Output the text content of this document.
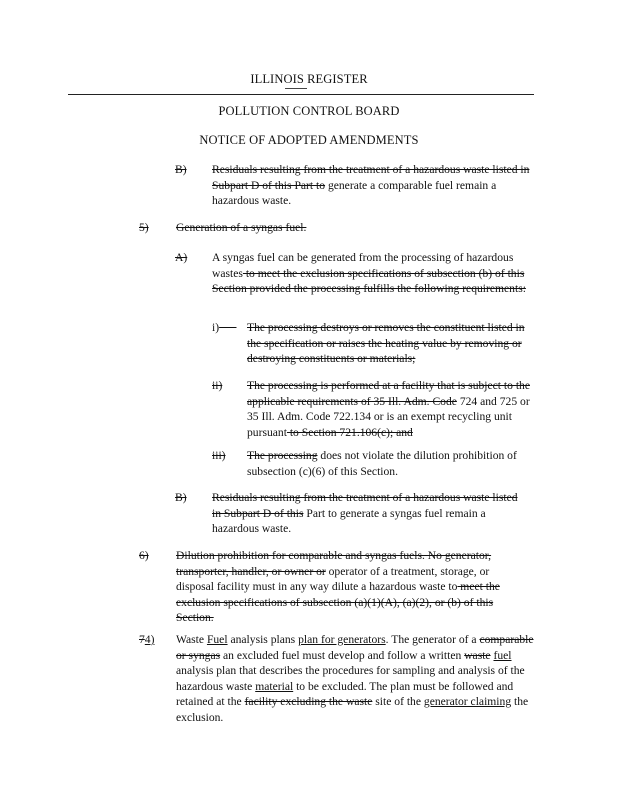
ILLINOIS REGISTER
POLLUTION CONTROL BOARD
NOTICE OF ADOPTED AMENDMENTS
B) Residuals resulting from the treatment of a hazardous waste listed in Subpart D of this Part to generate a comparable fuel remain a hazardous waste.

5) Generation of a syngas fuel.

A) A syngas fuel can be generated from the processing of hazardous wastes to meet the exclusion specifications of subsection (b) of this Section provided the processing fulfills the following requirements:

i)	The processing destroys or removes the constituent listed in the specification or raises the heating value by removing or destroying constituents or materials;

ii) The processing is performed at a facility that is subject to the applicable requirements of 35 Ill. Adm. Code 724 and 725 or 35 Ill. Adm. Code 722.134 or is an exempt recycling unit pursuant to Section 721.106(c); and

iii) The processing does not violate the dilution prohibition of subsection (c)(6) of this Section.

B) Residuals resulting from the treatment of a hazardous waste listed in Subpart D of this Part to generate a syngas fuel remain a hazardous waste.

6) Dilution prohibition for comparable and syngas fuels. No generator, transporter, handler, or owner or operator of a treatment, storage, or disposal facility must in any way dilute a hazardous waste to meet the exclusion specifications of subsection (a)(1)(A), (a)(2), or (b) of this Section.

74) Waste Fuel analysis plans plan for generators. The generator of a comparable or syngas an excluded fuel must develop and follow a written waste fuel analysis plan that describes the procedures for sampling and analysis of the hazardous waste material to be excluded. The plan must be followed and retained at the facility excluding the waste site of the generator claiming the exclusion.
